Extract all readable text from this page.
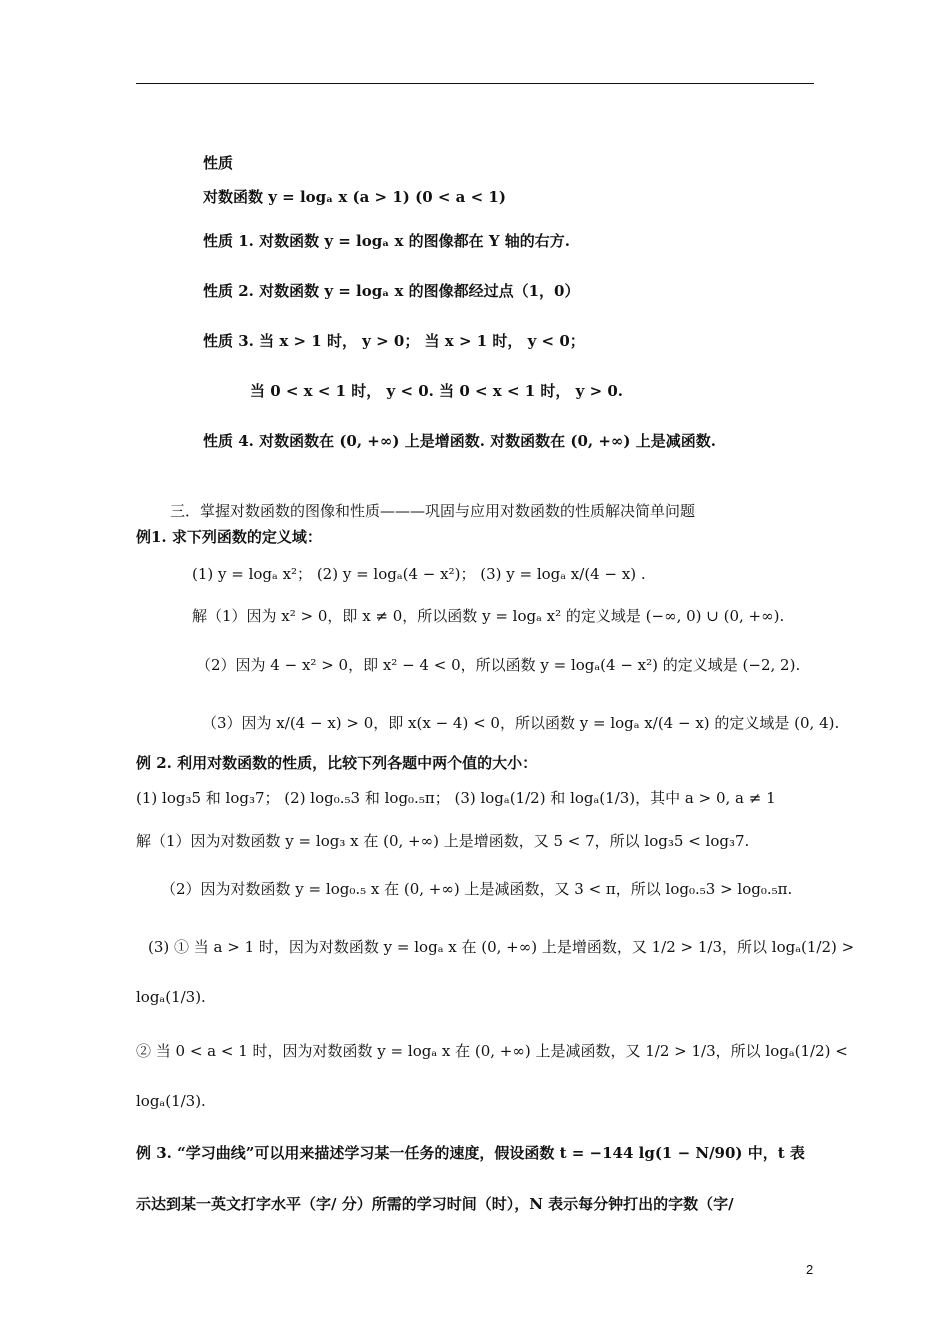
性质
对数函数 y = logₐ x (a > 1) (0 < a < 1)
性质 1. 对数函数 y = logₐ x 的图像都在 Y 轴的右方.
性质 2. 对数函数 y = logₐ x 的图像都经过点（1，0）
性质 3. 当 x > 1 时， y > 0； 当 x > 1 时， y < 0；
当 0 < x < 1 时， y < 0. 当 0 < x < 1 时， y > 0.
性质 4. 对数函数在 (0, +∞) 上是增函数. 对数函数在 (0, +∞) 上是减函数.
三．掌握对数函数的图像和性质———巩固与应用对数函数的性质解决简单问题
例1. 求下列函数的定义域：
(1) y = logₐ x²； (2) y = logₐ(4 − x²)； (3) y = logₐ x/(4 − x) .
解（1）因为 x² > 0，即 x ≠ 0，所以函数 y = logₐ x² 的定义域是 (−∞, 0) ∪ (0, +∞).
（2）因为 4 − x² > 0，即 x² − 4 < 0，所以函数 y = logₐ(4 − x²) 的定义域是 (−2, 2).
（3）因为 x/(4 − x) > 0，即 x(x − 4) < 0，所以函数 y = logₐ x/(4 − x) 的定义域是 (0, 4).
例 2. 利用对数函数的性质，比较下列各题中两个值的大小：
(1) log₃5 和 log₃7； (2) log₀.₅3 和 log₀.₅π； (3) logₐ(1/2) 和 logₐ(1/3)，其中 a > 0, a ≠ 1
解（1）因为对数函数 y = log₃ x 在 (0, +∞) 上是增函数，又 5 < 7，所以 log₃5 < log₃7.
（2）因为对数函数 y = log₀.₅ x 在 (0, +∞) 上是减函数，又 3 < π，所以 log₀.₅3 > log₀.₅π.
(3) ① 当 a > 1 时，因为对数函数 y = logₐ x 在 (0, +∞) 上是增函数，又 1/2 > 1/3，所以 logₐ(1/2) >
logₐ(1/3).
② 当 0 < a < 1 时，因为对数函数 y = logₐ x 在 (0, +∞) 上是减函数，又 1/2 > 1/3，所以 logₐ(1/2) <
logₐ(1/3).
例 3. “学习曲线”可以用来描述学习某一任务的速度，假设函数 t = −144 lg(1 − N/90) 中，t 表
示达到某一英文打字水平（字/ 分）所需的学习时间（时），N 表示每分钟打出的字数（字/
2
